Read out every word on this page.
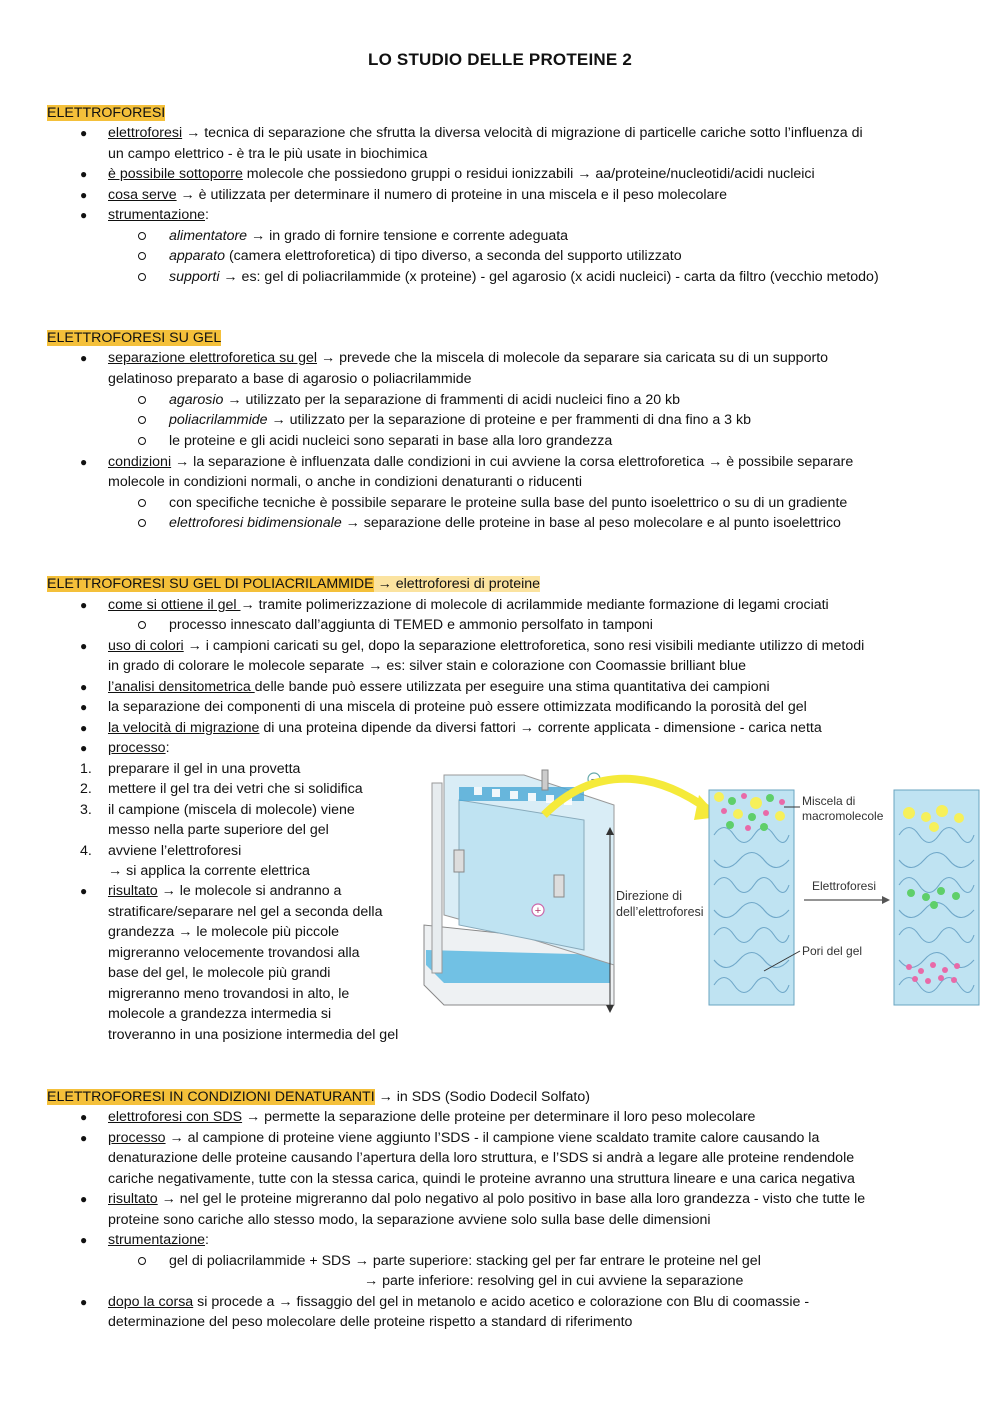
LO STUDIO DELLE PROTEINE 2
ELETTROFORESI
● elettroforesi → tecnica di separazione che sfrutta la diversa velocità di migrazione di particelle cariche sotto l’influenza di
un campo elettrico - è tra le più usate in biochimica
● è possibile sottoporre molecole che possiedono gruppi o residui ionizzabili → aa/proteine/nucleotidi/acidi nucleici
● cosa serve → è utilizzata per determinare il numero di proteine in una miscela e il peso molecolare
● strumentazione:
alimentatore → in grado di fornire tensione e corrente adeguata
apparato (camera elettroforetica) di tipo diverso, a seconda del supporto utilizzato
supporti → es: gel di poliacrilammide (x proteine) - gel agarosio (x acidi nucleici) - carta da filtro (vecchio metodo)
ELETTROFORESI SU GEL
● separazione elettroforetica su gel → prevede che la miscela di molecole da separare sia caricata su di un supporto
gelatinoso preparato a base di agarosio o poliacrilammide
agarosio → utilizzato per la separazione di frammenti di acidi nucleici fino a 20 kb
poliacrilammide → utilizzato per la separazione di proteine e per frammenti di dna fino a 3 kb
le proteine e gli acidi nucleici sono separati in base alla loro grandezza
● condizioni → la separazione è influenzata dalle condizioni in cui avviene la corsa elettroforetica → è possibile separare
molecole in condizioni normali, o anche in condizioni denaturanti o riducenti
con specifiche tecniche è possibile separare le proteine sulla base del punto isoelettrico o su di un gradiente
elettroforesi bidimensionale → separazione delle proteine in base al peso molecolare e al punto isoelettrico
ELETTROFORESI SU GEL DI POLIACRILAMMIDE → elettroforesi di proteine
● come si ottiene il gel → tramite polimerizzazione di molecole di acrilammide mediante formazione di legami crociati
processo innescato dall’aggiunta di TEMED e ammonio persolfato in tamponi
● uso di colori → i campioni caricati su gel, dopo la separazione elettroforetica, sono resi visibili mediante utilizzo di metodi
in grado di colorare le molecole separate → es: silver stain e colorazione con Coomassie brilliant blue
● l’analisi densitometrica delle bande può essere utilizzata per eseguire una stima quantitativa dei campioni
● la separazione dei componenti di una miscela di proteine può essere ottimizzata modificando la porosità del gel
● la velocità di migrazione di una proteina dipende da diversi fattori → corrente applicata - dimensione - carica netta
● processo:
1. preparare il gel in una provetta
2. mettere il gel tra dei vetri che si solidifica
3. il campione (miscela di molecole) viene
messo nella parte superiore del gel
4. avviene l’elettroforesi
→ si applica la corrente elettrica
● risultato → le molecole si andranno a
stratificare/separare nel gel a seconda della
grandezza → le molecole più piccole
migreranno velocemente trovandosi alla
base del gel, le molecole più grandi
migreranno meno trovandosi in alto, le
molecole a grandezza intermedia si
troveranno in una posizione intermedia del gel
−
+
Direzione di
dell’elettroforesi
Miscela di
macromolecole
Elettroforesi
Pori del gel
ELETTROFORESI IN CONDIZIONI DENATURANTI → in SDS (Sodio Dodecil Solfato)
● elettroforesi con SDS → permette la separazione delle proteine per determinare il loro peso molecolare
● processo → al campione di proteine viene aggiunto l’SDS - il campione viene scaldato tramite calore causando la
denaturazione delle proteine causando l’apertura della loro struttura, e l’SDS si andrà a legare alle proteine rendendole
cariche negativamente, tutte con la stessa carica, quindi le proteine avranno una struttura lineare e una carica negativa
● risultato → nel gel le proteine migreranno dal polo negativo al polo positivo in base alla loro grandezza - visto che tutte le
proteine sono cariche allo stesso modo, la separazione avviene solo sulla base delle dimensioni
● strumentazione:
gel di poliacrilammide + SDS → parte superiore: stacking gel per far entrare le proteine nel gel
→ parte inferiore: resolving gel in cui avviene la separazione
● dopo la corsa si procede a → fissaggio del gel in metanolo e acido acetico e colorazione con Blu di coomassie -
determinazione del peso molecolare delle proteine rispetto a standard di riferimento
